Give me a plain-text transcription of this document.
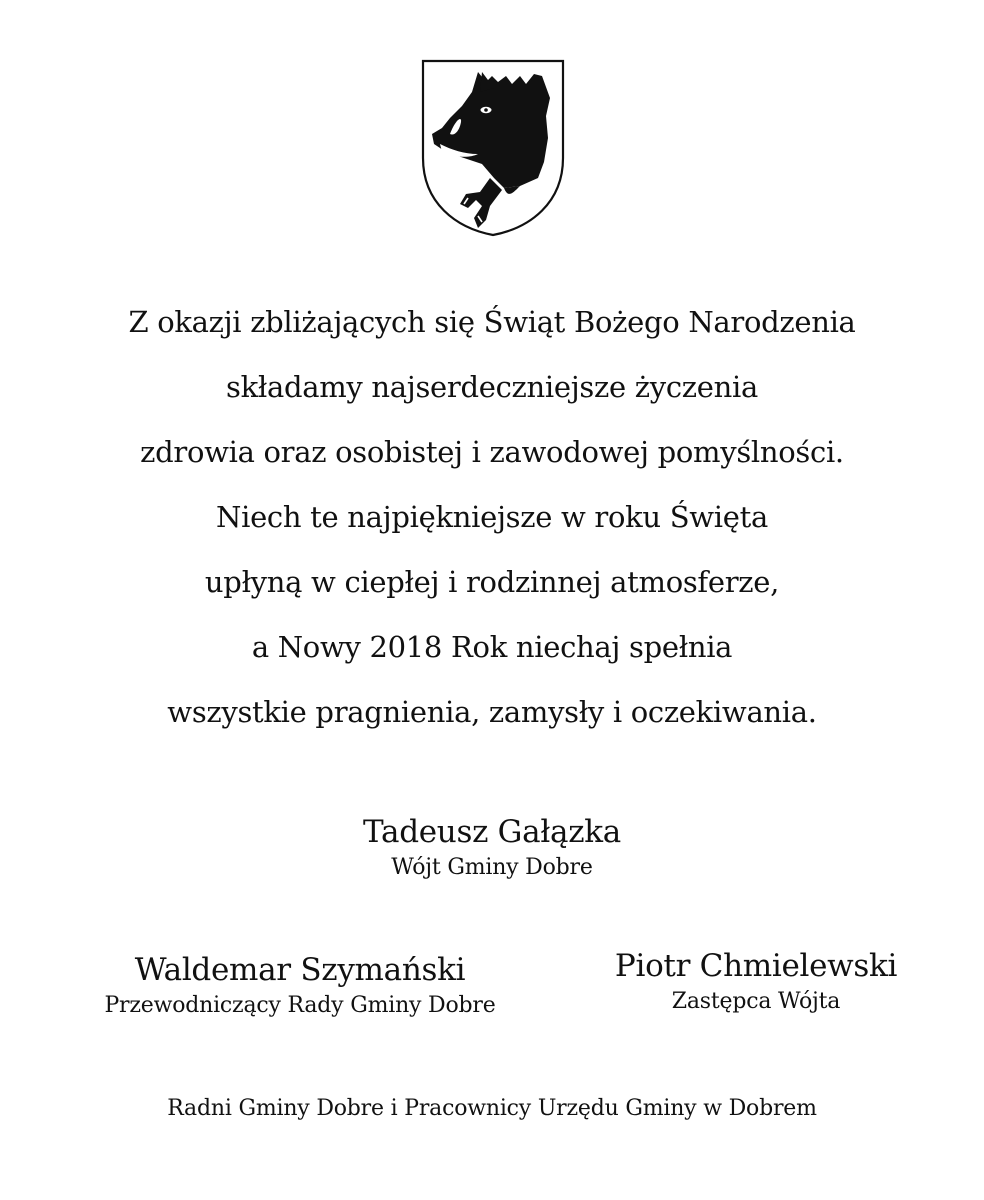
Z okazji zbliżających się Świąt Bożego Narodzenia
składamy najserdeczniejsze życzenia
zdrowia oraz osobistej i zawodowej pomyślności.
Niech te najpiękniejsze w roku Święta
upłyną w ciepłej i rodzinnej atmosferze,
a Nowy 2018 Rok niechaj spełnia
wszystkie pragnienia, zamysły i oczekiwania.
Tadeusz Gałązka
Wójt Gminy Dobre
Waldemar Szymański
Przewodniczący Rady Gminy Dobre
Piotr Chmielewski
Zastępca Wójta
Radni Gminy Dobre i Pracownicy Urzędu Gminy w Dobrem
